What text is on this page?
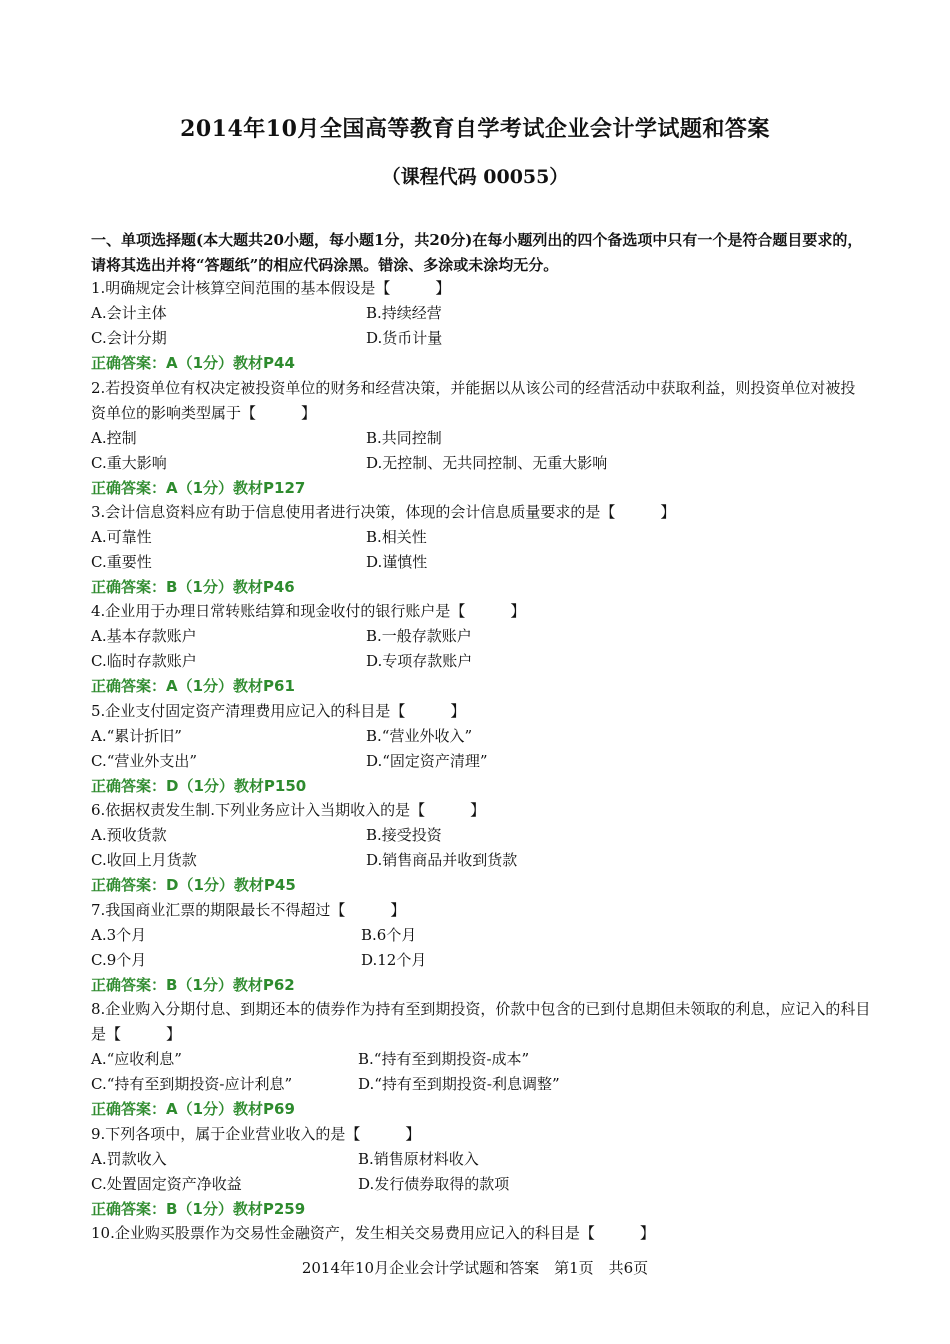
2014年10月全国高等教育自学考试企业会计学试题和答案
（课程代码 00055）
一、单项选择题(本大题共20小题，每小题1分，共20分)在每小题列出的四个备选项中只有一个是符合题目要求的，请将其选出并将“答题纸”的相应代码涂黑。错涂、多涂或未涂均无分。
1.明确规定会计核算空间范围的基本假设是【　　　】
A.会计主体	B.持续经营
C.会计分期	D.货币计量
正确答案：A（1分）教材P44
2.若投资单位有权决定被投资单位的财务和经营决策，并能据以从该公司的经营活动中获取利益，则投资单位对被投资单位的影响类型属于【　　　】
A.控制	B.共同控制
C.重大影响	D.无控制、无共同控制、无重大影响
正确答案：A（1分）教材P127
3.会计信息资料应有助于信息使用者进行决策，体现的会计信息质量要求的是【　　　】
A.可靠性	B.相关性
C.重要性	D.谨慎性
正确答案：B（1分）教材P46
4.企业用于办理日常转账结算和现金收付的银行账户是【　　　】
A.基本存款账户	B.一般存款账户
C.临时存款账户	D.专项存款账户
正确答案：A（1分）教材P61
5.企业支付固定资产清理费用应记入的科目是【　　　】
A.“累计折旧”	B.“营业外收入”
C.“营业外支出”	D.“固定资产清理”
正确答案：D（1分）教材P150
6.依据权责发生制.下列业务应计入当期收入的是【　　　】
A.预收货款	B.接受投资
C.收回上月货款	D.销售商品并收到货款
正确答案：D（1分）教材P45
7.我国商业汇票的期限最长不得超过【　　　】
A.3个月	B.6个月
C.9个月	D.12个月
正确答案：B（1分）教材P62
8.企业购入分期付息、到期还本的债券作为持有至到期投资，价款中包含的已到付息期但未领取的利息，应记入的科目是【　　　】
A.“应收利息”	B.“持有至到期投资-成本”
C.“持有至到期投资-应计利息”	D.“持有至到期投资-利息调整”
正确答案：A（1分）教材P69
9.下列各项中，属于企业营业收入的是【　　　】
A.罚款收入	B.销售原材料收入
C.处置固定资产净收益	D.发行债券取得的款项
正确答案：B（1分）教材P259
10.企业购买股票作为交易性金融资产，发生相关交易费用应记入的科目是【　　　】
2014年10月企业会计学试题和答案　第1页　共6页
